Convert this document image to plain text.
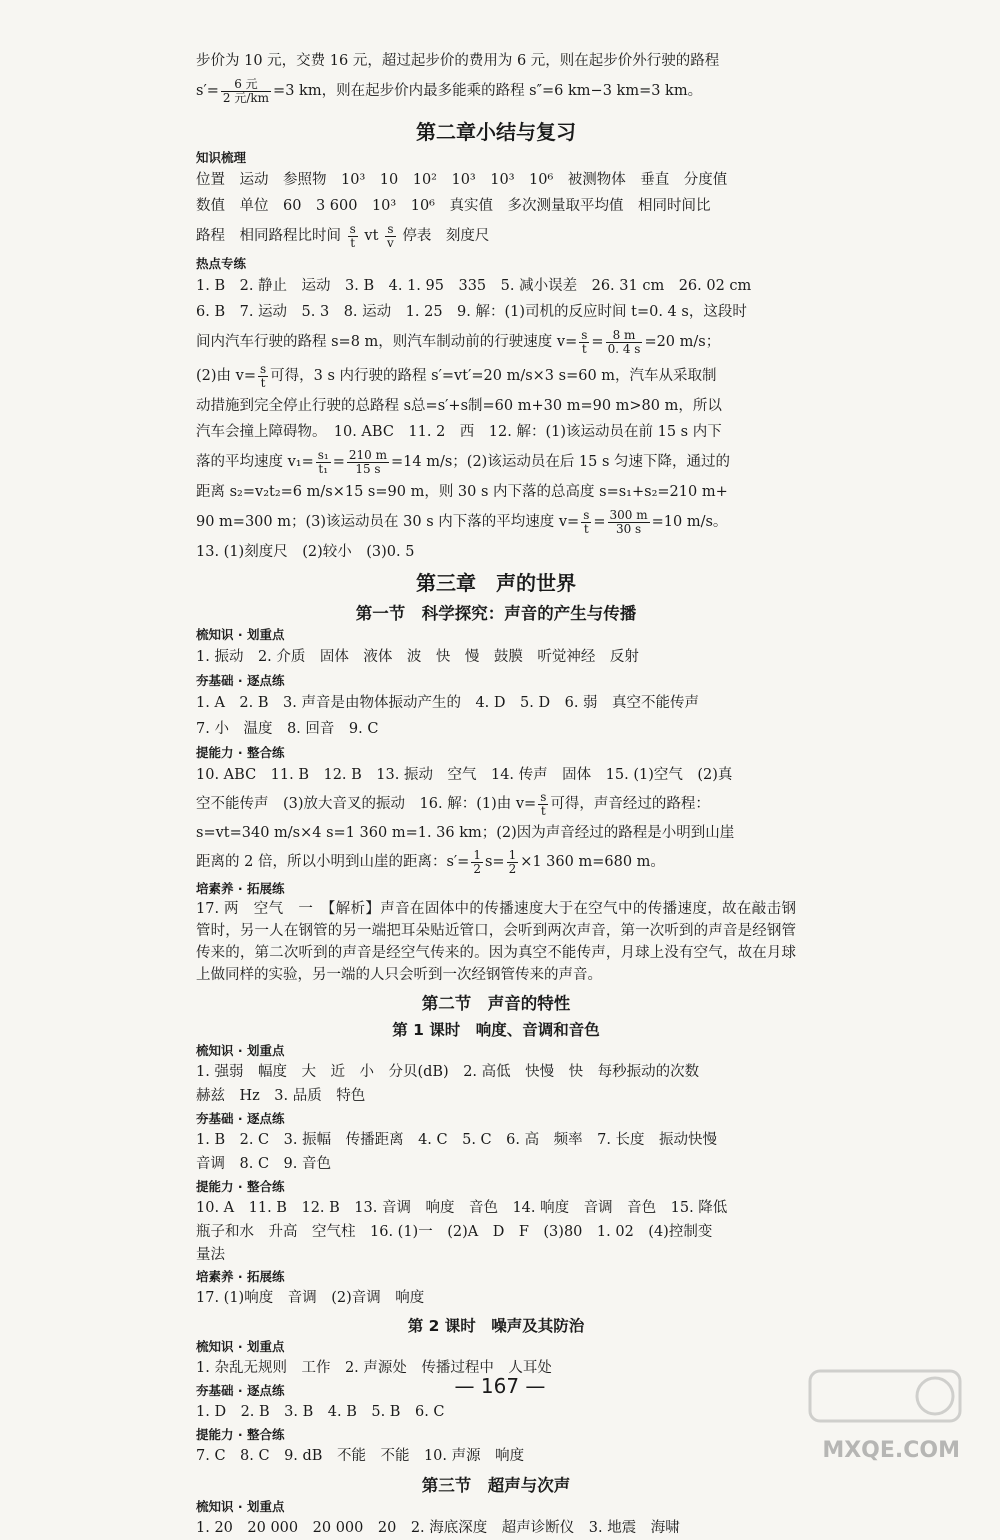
步价为 10 元，交费 16 元，超过起步价的费用为 6 元，则在起步价外行驶的路程

$s'= \frac{\text{6 元}}{\text{2 元/km}} =3$ km，则在起步价内最多能乘的路程 s″=6 km−3 km=3 km。

第二章小结与复习
知识梳理

位置　运动　参照物　10³　10　10²　10³　10³　10⁶　被测物体　垂直　分度值

数值　单位　60　3 600　10³　10⁶　真实值　多次测量取平均值　相同时间比

路程　相同路程比时间 $\frac{s}{t}$ vt $\frac{s}{v}$ 停表　刻度尺

热点专练

1. B　2. 静止　运动　3. B　4. 1. 95　335　5. 减小误差　26. 31 cm　26. 02 cm

6. B　7. 运动　5. 3　8. 运动　1. 25　9. 解：(1)司机的反应时间 t=0. 4 s，这段时

间内汽车行驶的路程 s=8 m，则汽车制动前的行驶速度 $v= \frac{s}{t} = \frac{8 m}{0. 4 s} =20$ m/s；

(2)由 $v= \frac{s}{t}$ 可得，3 s 内行驶的路程 s′=vt′=20 m/s×3 s=60 m，汽车从采取制

动措施到完全停止行驶的总路程 s总=s′+s制=60 m+30 m=90 m>80 m，所以

汽车会撞上障碍物。　10. ABC　11. 2　西　12. 解：(1)该运动员在前 15 s 内下

落的平均速度 $v_1= \frac{\text{s₁}}{\text{t₁}} = \frac{210 m}{15 s} =14$ m/s；(2)该运动员在后 15 s 匀速下降，通过的

距离 s₂=v₂t₂=6 m/s×15 s=90 m，则 30 s 内下落的总高度 s=s₁+s₂=210 m+

90 m=300 m；(3)该运动员在 30 s 内下落的平均速度 $v= \frac{s}{t} = \frac{300 m}{30 s} =10$ m/s。

13. (1)刻度尺　(2)较小　(3)0. 5

第三章　声的世界
第一节　科学探究：声音的产生与传播
梳知识 · 划重点

1. 振动　2. 介质　固体　液体　波　快　慢　鼓膜　听觉神经　反射

夯基础 · 逐点练

1. A　2. B　3. 声音是由物体振动产生的　4. D　5. D　6. 弱　真空不能传声

7. 小　温度　8. 回音　9. C

提能力 · 整合练

10. ABC　11. B　12. B　13. 振动　空气　14. 传声　固体　15. (1)空气　(2)真

空不能传声　(3)放大音叉的振动　16. 解：(1)由 $v= \frac{s}{t}$ 可得，声音经过的路程：

s=vt=340 m/s×4 s=1 360 m=1. 36 km；(2)因为声音经过的路程是小明到山崖

距离的 2 倍，所以小明到山崖的距离：$s'= \frac{1}{2} s= \frac{1}{2} \times 1$ 360 m=680 m。

培素养 · 拓展练

17. 两　空气　一　【解析】声音在固体中的传播速度大于在空气中的传播速度，故在敲击钢管时，另一人在钢管的另一端把耳朵贴近管口，会听到两次声音，第一次听到的声音是经钢管传来的，第二次听到的声音是经空气传来的。因为真空不能传声，月球上没有空气，故在月球上做同样的实验，另一端的人只会听到一次经钢管传来的声音。

第二节　声音的特性
第 1 课时　响度、音调和音色
梳知识 · 划重点

1. 强弱　幅度　大　近　小　分贝(dB)　2. 高低　快慢　快　每秒振动的次数

赫兹　Hz　3. 品质　特色

夯基础 · 逐点练

1. B　2. C　3. 振幅　传播距离　4. C　5. C　6. 高　频率　7. 长度　振动快慢

音调　8. C　9. 音色

提能力 · 整合练

10. A　11. B　12. B　13. 音调　响度　音色　14. 响度　音调　音色　15. 降低

瓶子和水　升高　空气柱　16. (1)一　(2)A　D　F　(3)80　1. 02　(4)控制变

量法

培素养 · 拓展练

17. (1)响度　音调　(2)音调　响度

第 2 课时　噪声及其防治
梳知识 · 划重点

1. 杂乱无规则　工作　2. 声源处　传播过程中　人耳处

夯基础 · 逐点练

1. D　2. B　3. B　4. B　5. B　6. C

提能力 · 整合练

7. C　8. C　9. dB　不能　不能　10. 声源　响度

第三节　超声与次声
梳知识 · 划重点

1. 20　20 000　20 000　20　2. 海底深度　超声诊断仪　3. 地震　海啸

— 167 —
MXQE.COM
